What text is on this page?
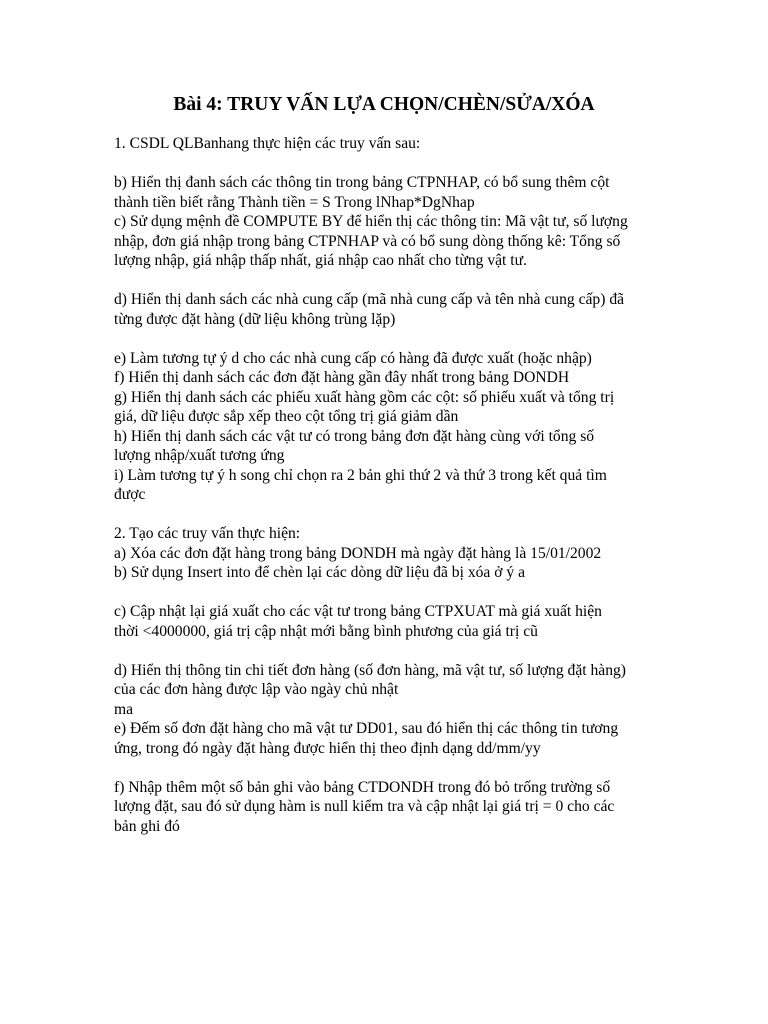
Bài 4: TRUY VẤN LỰA CHỌN/CHÈN/SỬA/XÓA

1. CSDL QLBanhang thực hiện các truy vấn sau:

b) Hiển thị đanh sách các thông tin trong bảng CTPNHAP, có bổ sung thêm cột
thành tiền biết rằng Thành tiền = S Trong lNhap*DgNhap

c) Sử dụng mệnh đề COMPUTE BY để hiển thị các thông tin: Mã vật tư, số lượng
nhập, đơn giá nhập trong bảng CTPNHAP và có bổ sung dòng thống kê: Tổng số
lượng nhập, giá nhập thấp nhất, giá nhập cao nhất cho từng vật tư.

d) Hiển thị danh sách các nhà cung cấp (mã nhà cung cấp và tên nhà cung cấp) đã
từng được đặt hàng (dữ liệu không trùng lặp)

e) Làm tương tự ý d cho các nhà cung cấp có hàng đã được xuất (hoặc nhập)

f) Hiển thị danh sách các đơn đặt hàng gần đây nhất trong bảng DONDH

g) Hiển thị danh sách các phiếu xuất hàng gồm các cột: số phiếu xuất và tổng trị
giá, dữ liệu được sắp xếp theo cột tổng trị giá giảm dần

h) Hiển thị danh sách các vật tư có trong bảng đơn đặt hàng cùng với tổng số
lượng nhập/xuất tương ứng

i) Làm tương tự ý h song chỉ chọn ra 2 bản ghi thứ 2 và thứ 3 trong kết quả tìm
được

2. Tạo các truy vấn thực hiện:

a) Xóa các đơn đặt hàng trong bảng DONDH mà ngày đặt hàng là 15/01/2002

b) Sử dụng Insert into để chèn lại các dòng dữ liệu đã bị xóa ở ý a

c) Cập nhật lại giá xuất cho các vật tư trong bảng CTPXUAT mà giá xuất hiện
thời <4000000, giá trị cập nhật mới bằng bình phương của giá trị cũ

d) Hiển thị thông tin chi tiết đơn hàng (số đơn hàng, mã vật tư, số lượng đặt hàng)
của các đơn hàng được lập vào ngày chủ nhật
ma

e) Đếm số đơn đặt hàng cho mã vật tư DD01, sau đó hiển thị các thông tin tương
ứng, trong đó ngày đặt hàng được hiển thị theo định dạng dd/mm/yy

f) Nhập thêm một số bản ghi vào bảng CTDONDH trong đó bỏ trống trường số
lượng đặt, sau đó sử dụng hàm is null kiểm tra và cập nhật lại giá trị = 0 cho các
bản ghi đó
